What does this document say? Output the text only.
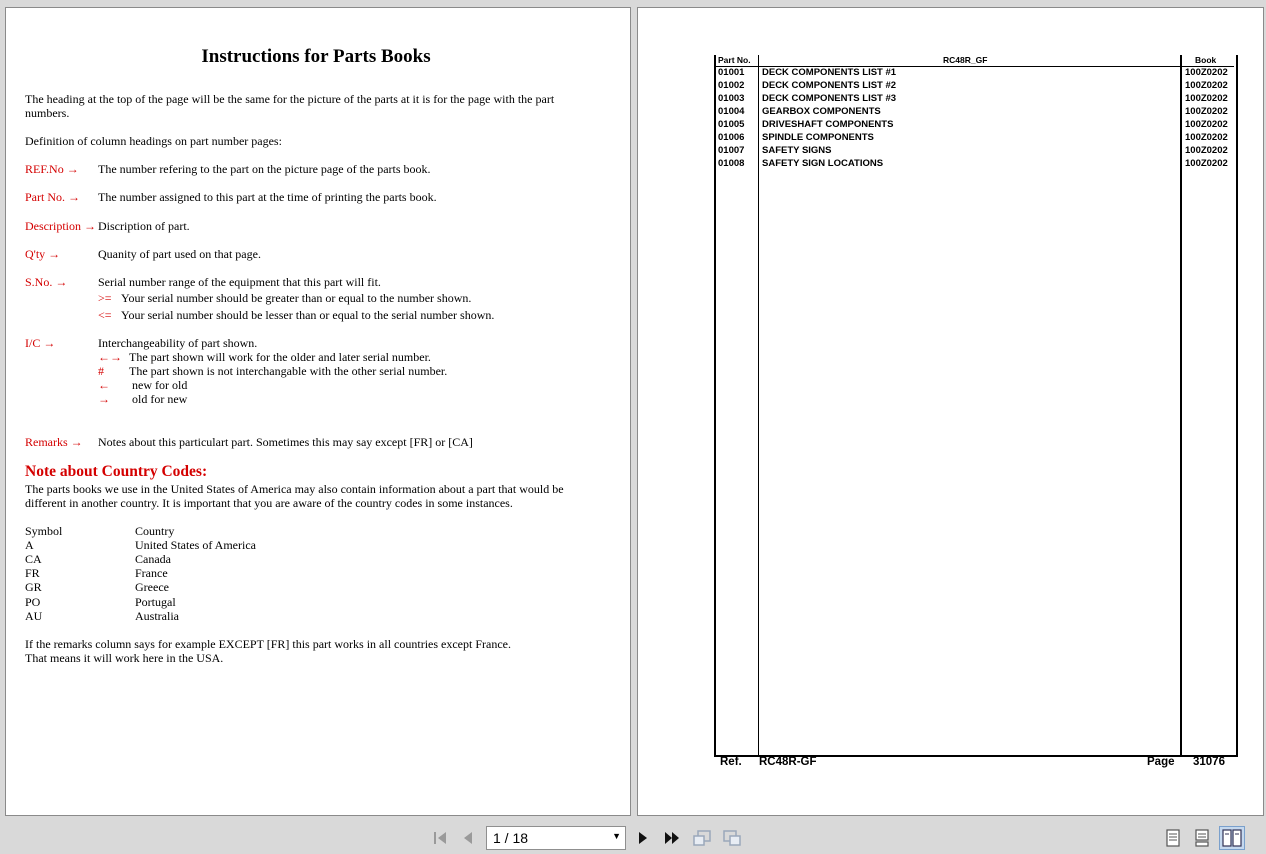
Instructions for Parts Books
The heading at the top of the page will be the same for the picture of the parts at it is for the page with the part
numbers.
Definition of column headings on part number pages:
REF.No → The number refering to the part on the picture page of the parts book.
Part No. → The number assigned to this part at the time of printing the parts book.
Description → Discription of part.
Q'ty →	Quanity of part used on that page.
S.No. →	Serial number range of the equipment that this part will fit.
>= Your serial number should be greater than or equal to the number shown.
<= Your serial number should be lesser than or equal to the serial number shown.
I/C →	Interchangeability of part shown.
←→ The part shown will work for the older and later serial number.
# The part shown is not interchangable with the other serial number.
← new for old
→ old for new
Remarks → Notes about this particulart part. Sometimes this may say except [FR] or [CA]
Note about Country Codes:
The parts books we use in the United States of America may also contain information about a part that would be
different in another country. It is important that you are aware of the country codes in some instances.
Symbol	Country
A	United States of America
CA	Canada
FR	France
GR	Greece
PO	Portugal
AU	Australia
If the remarks column says for example EXCEPT [FR] this part works in all countries except France.
That means it will work here in the USA.
Part No.	RC48R_GF	Book
01001 DECK COMPONENTS LIST #1	100Z0202
01002 DECK COMPONENTS LIST #2	100Z0202
01003 DECK COMPONENTS LIST #3	100Z0202
01004 GEARBOX COMPONENTS	100Z0202
01005 DRIVESHAFT COMPONENTS	100Z0202
01006 SPINDLE COMPONENTS	100Z0202
01007 SAFETY SIGNS	100Z0202
01008 SAFETY SIGN LOCATIONS	100Z0202
Ref. RC48R-GF	Page 31076
1 / 18	▼
